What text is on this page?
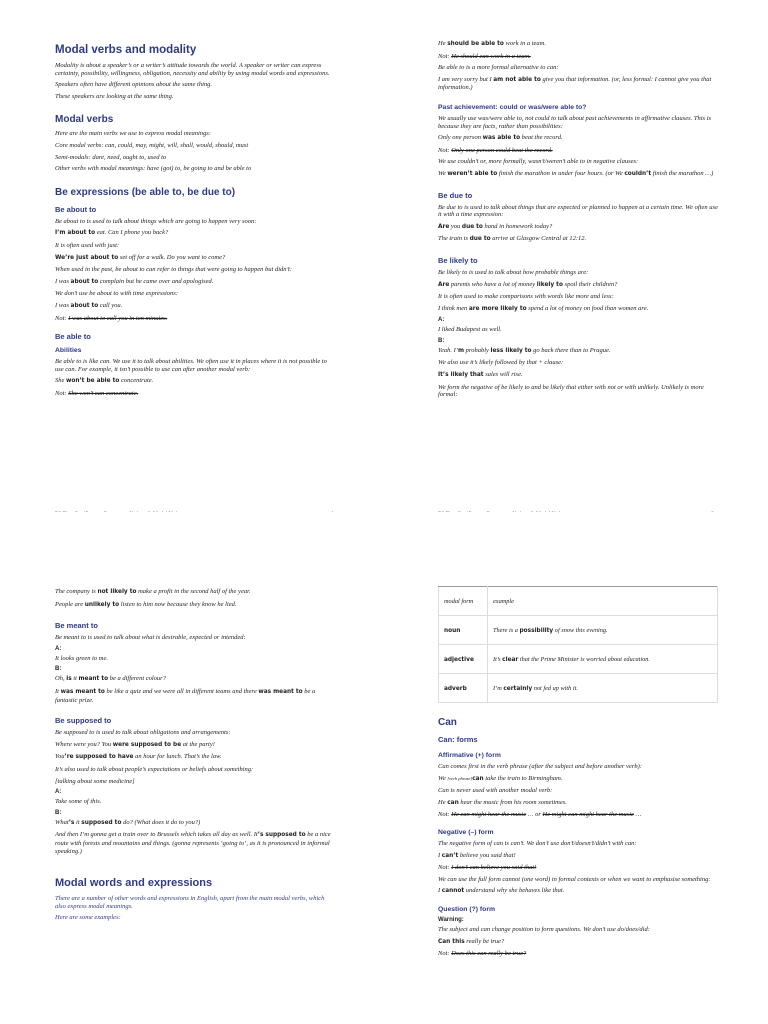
Modal verbs and modality

Modality is about a speaker’s or a writer’s attitude towards the world. A speaker or writer can express certainty, possibility, willingness, obligation, necessity and ability by using modal words and expressions.

Speakers often have different opinions about the same thing.

These speakers are looking at the same thing.

Modal verbs

Here are the main verbs we use to express modal meanings:

Core modal verbs: can, could, may, might, will, shall, would, should, must

Semi-modals: dare, need, ought to, used to

Other verbs with modal meanings: have (got) to, be going to and be able to

Be expressions (be able to, be due to)
Be about to

Be about to is used to talk about things which are going to happen very soon:

I’m about to eat. Can I phone you back?

It is often used with just:

We’re just about to set off for a walk. Do you want to come?

When used in the past, be about to can refer to things that were going to happen but didn’t:

I was about to complain but he came over and apologised.

We don’t use be about to with time expressions:

I was about to call you.

Not: I was about to call you in ten minutes.

Be able to
Abilities

Be able to is like can. We use it to talk about abilities. We often use it in places where it is not possible to use can. For example, it isn’t possible to use can after another modal verb:

She won’t be able to concentrate.

Not: She won’t can concentrate.

He should be able to work in a team.

Not: He should can work in a team.

Be able to is a more formal alternative to can:

I am very sorry but I am not able to give you that information. (or, less formal: I cannot give you that information.)

Past achievement: could or was/were able to?

We usually use was/were able to, not could to talk about past achievements in affirmative clauses. This is because they are facts, rather than possibilities:

Only one person was able to beat the record.

Not: Only one person could beat the record.

We use couldn’t or, more formally, wasn’t/weren’t able to in negative clauses:

We weren’t able to finish the marathon in under four hours. (or We couldn’t finish the marathon …)

Be due to

Be due to is used to talk about things that are expected or planned to happen at a certain time. We often use it with a time expression:

Are you due to hand in homework today?

The train is due to arrive at Glasgow Central at 12:12.

Be likely to

Be likely to is used to talk about how probable things are:

Are parents who have a lot of money likely to spoil their children?

It is often used to make comparisons with words like more and less:

I think men are more likely to spend a lot of money on food than women are.

A:

I liked Budapest as well.

B:

Yeah. I’m probably less likely to go back there than to Prague.

We also use it’s likely followed by that + clause:

It’s likely that sales will rise.

We form the negative of be likely to and be likely that either with not or with unlikely. Unlikely is more formal:

The company is not likely to make a profit in the second half of the year.

People are unlikely to listen to him now because they know he lied.

Be meant to

Be meant to is used to talk about what is desirable, expected or intended:

A:

It looks green to me.

B:

Oh, is it meant to be a different colour?

It was meant to be like a quiz and we were all in different teams and there was meant to be a fantastic prize.

Be supposed to

Be supposed to is used to talk about obligations and arrangements:

Where were you? You were supposed to be at the party!

You’re supposed to have an hour for lunch. That’s the law.

It’s also used to talk about people’s expectations or beliefs about something:

[talking about some medicine]

A:

Take some of this.

B:

What’s it supposed to do? (What does it do to you?)

And then I’m gonna get a train over to Brussels which takes all day as well. It’s supposed to be a nice route with forests and mountains and things. (gonna represents ‘going to’, as it is pronounced in informal speaking.)

Modal words and expressions

There are a number of other words and expressions in English, apart from the main modal verbs, which also express modal meanings.

Here are some examples:

modal form	example
noun	There is a possibility of snow this evening.
adjective	It’s clear that the Prime Minister is worried about education.
adverb	I’m certainly not fed up with it.
Can
Can: forms
Affirmative (+) form

Can comes first in the verb phrase (after the subject and before another verb):

We [verb phrase]can take the train to Birmingham.

Can is never used with another modal verb:

He can hear the music from his room sometimes.

Not: He can might hear the music … or He might can might hear the music …

Negative (–) form

The negative form of can is can’t. We don’t use don’t/doesn’t/didn’t with can:

I can’t believe you said that!

Not: I don’t can believe you said that!

We can use the full form cannot (one word) in formal contexts or when we want to emphasise something:

I cannot understand why she behaves like that.

Question (?) form
Warning:

The subject and can change position to form questions. We don’t use do/does/did:

Can this really be true?

Not: Does this can really be true?
